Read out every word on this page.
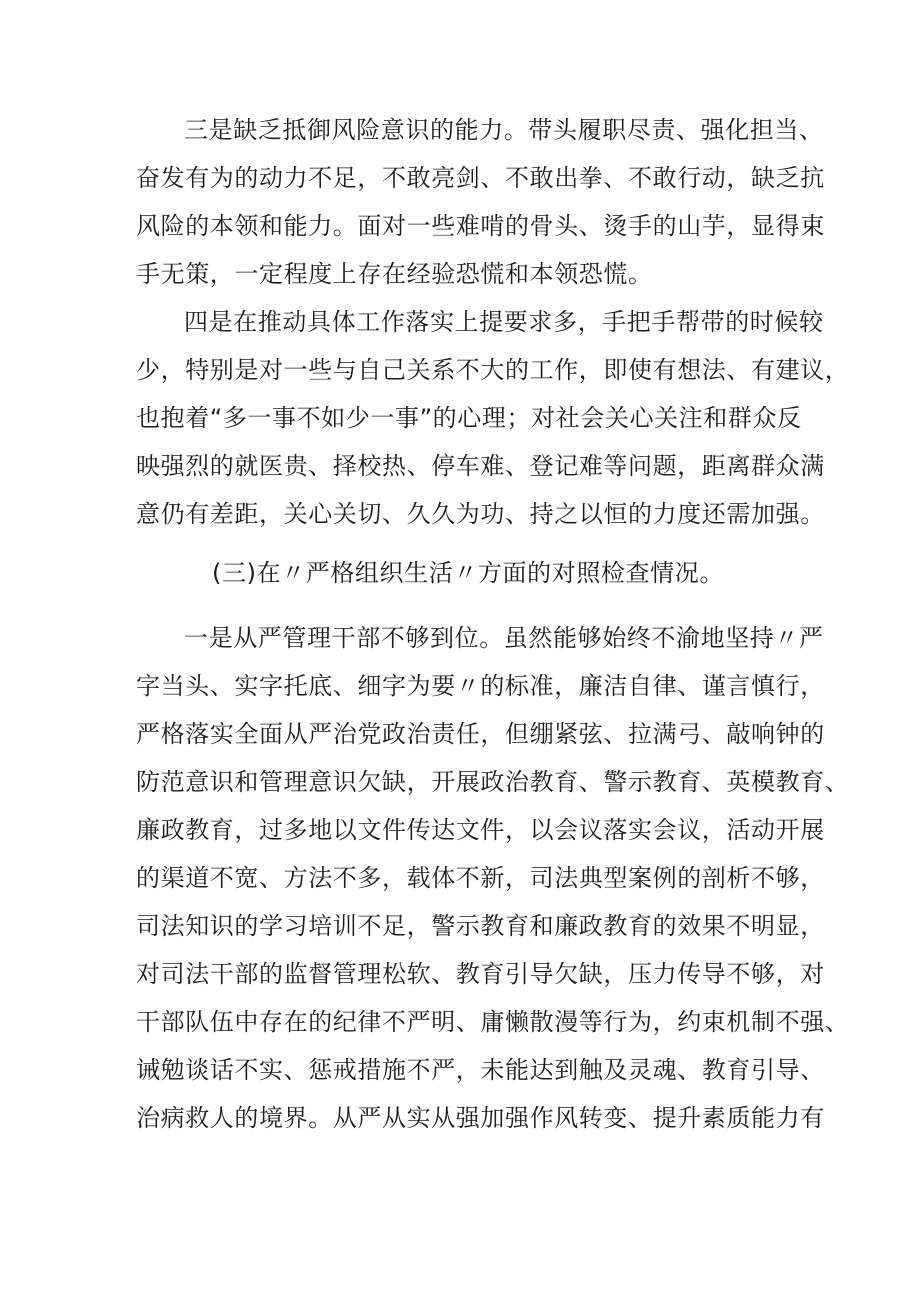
三是缺乏抵御风险意识的能力。带头履职尽责、强化担当、
奋发有为的动力不足，不敢亮剑、不敢出拳、不敢行动，缺乏抗
风险的本领和能力。面对一些难啃的骨头、烫手的山芋，显得束
手无策，一定程度上存在经验恐慌和本领恐慌。
四是在推动具体工作落实上提要求多，手把手帮带的时候较
少，特别是对一些与自己关系不大的工作，即使有想法、有建议，
也抱着“多一事不如少一事”的心理；对社会关心关注和群众反
映强烈的就医贵、择校热、停车难、登记难等问题，距离群众满
意仍有差距，关心关切、久久为功、持之以恒的力度还需加强。
(三)在〃严格组织生活〃方面的对照检查情况。
一是从严管理干部不够到位。虽然能够始终不渝地坚持〃严
字当头、实字托底、细字为要〃的标准，廉洁自律、谨言慎行，
严格落实全面从严治党政治责任，但绷紧弦、拉满弓、敲响钟的
防范意识和管理意识欠缺，开展政治教育、警示教育、英模教育、
廉政教育，过多地以文件传达文件，以会议落实会议，活动开展
的渠道不宽、方法不多，载体不新，司法典型案例的剖析不够，
司法知识的学习培训不足，警示教育和廉政教育的效果不明显，
对司法干部的监督管理松软、教育引导欠缺，压力传导不够，对
干部队伍中存在的纪律不严明、庸懒散漫等行为，约束机制不强、
诫勉谈话不实、惩戒措施不严，未能达到触及灵魂、教育引导、
治病救人的境界。从严从实从强加强作风转变、提升素质能力有
